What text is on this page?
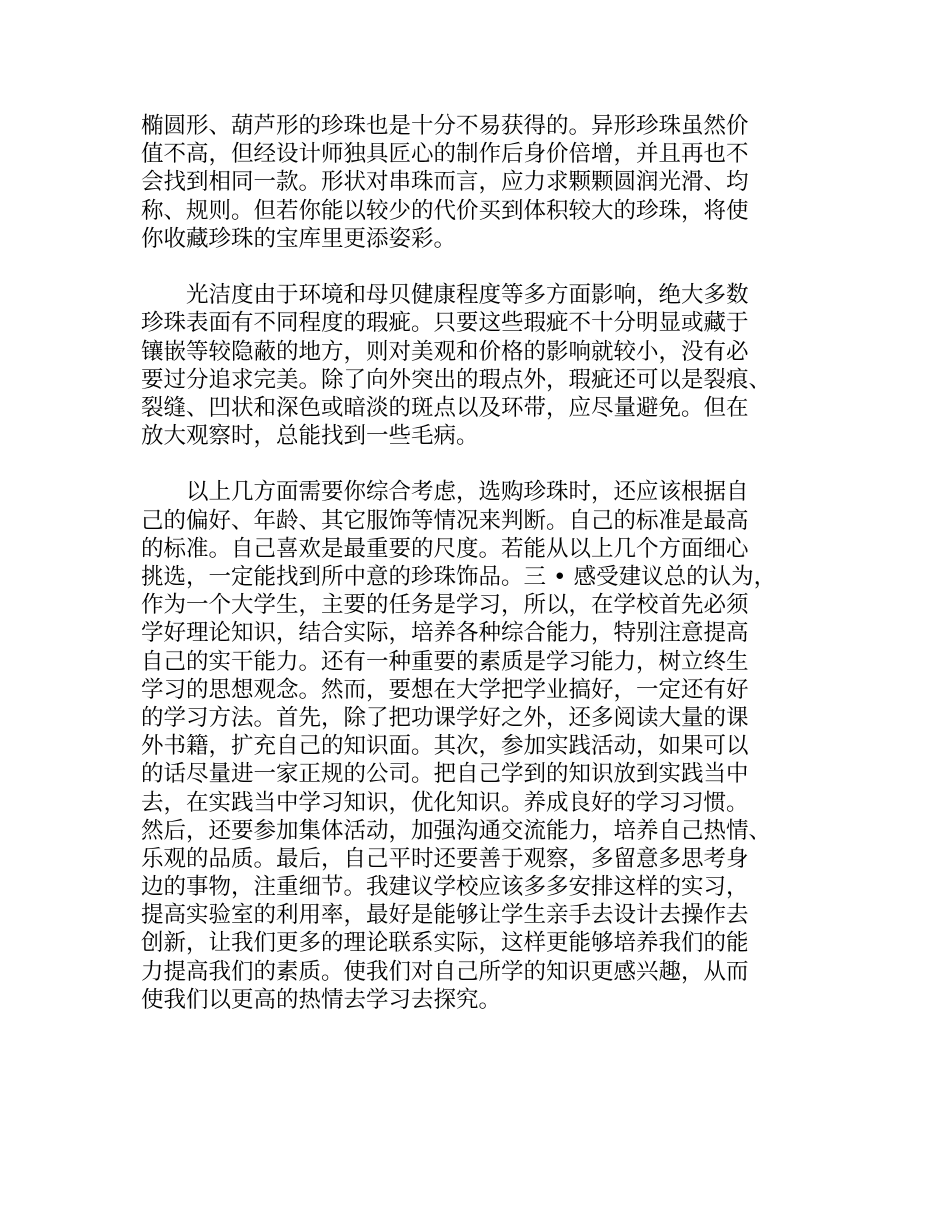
椭圆形、葫芦形的珍珠也是十分不易获得的。异形珍珠虽然价
值不高，但经设计师独具匠心的制作后身价倍增，并且再也不
会找到相同一款。形状对串珠而言，应力求颗颗圆润光滑、均
称、规则。但若你能以较少的代价买到体积较大的珍珠，将使
你收藏珍珠的宝库里更添姿彩。
光洁度由于环境和母贝健康程度等多方面影响，绝大多数
珍珠表面有不同程度的瑕疵。只要这些瑕疵不十分明显或藏于
镶嵌等较隐蔽的地方，则对美观和价格的影响就较小，没有必
要过分追求完美。除了向外突出的瑕点外，瑕疵还可以是裂痕、
裂缝、凹状和深色或暗淡的斑点以及环带，应尽量避免。但在
放大观察时，总能找到一些毛病。
以上几方面需要你综合考虑，选购珍珠时，还应该根据自
己的偏好、年龄、其它服饰等情况来判断。自己的标准是最高
的标准。自己喜欢是最重要的尺度。若能从以上几个方面细心
挑选，一定能找到所中意的珍珠饰品。三 • 感受建议总的认为，
作为一个大学生，主要的任务是学习，所以，在学校首先必须
学好理论知识，结合实际，培养各种综合能力，特别注意提高
自己的实干能力。还有一种重要的素质是学习能力，树立终生
学习的思想观念。然而，要想在大学把学业搞好，一定还有好
的学习方法。首先，除了把功课学好之外，还多阅读大量的课
外书籍，扩充自己的知识面。其次，参加实践活动，如果可以
的话尽量进一家正规的公司。把自己学到的知识放到实践当中
去，在实践当中学习知识，优化知识。养成良好的学习习惯。
然后，还要参加集体活动，加强沟通交流能力，培养自己热情、
乐观的品质。最后，自己平时还要善于观察，多留意多思考身
边的事物，注重细节。我建议学校应该多多安排这样的实习，
提高实验室的利用率，最好是能够让学生亲手去设计去操作去
创新，让我们更多的理论联系实际，这样更能够培养我们的能
力提高我们的素质。使我们对自己所学的知识更感兴趣，从而
使我们以更高的热情去学习去探究。
